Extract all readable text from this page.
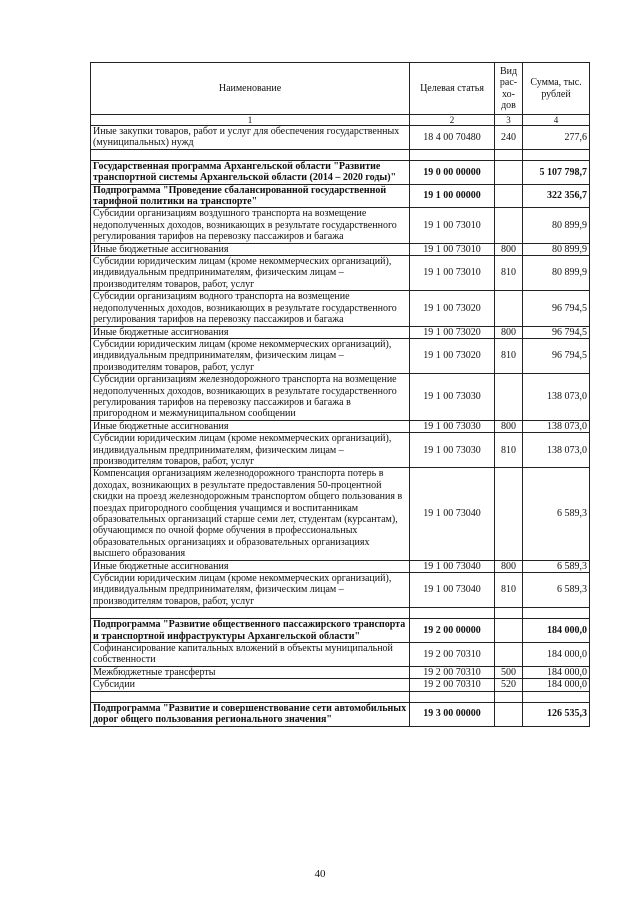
Наименование	Целевая статья	Вид рас- хо- дов	Сумма, тыс. рублей
1	2	3	4
Иные закупки товаров, работ и услуг для обеспечения государственных (муниципальных) нужд	18 4 00 70480	240	277,6

Государственная программа Архангельской области "Развитие транспортной системы Архангельской области (2014 – 2020 годы)"	19 0 00 00000		5 107 798,7
Подпрограмма "Проведение сбалансированной государственной тарифной политики на транспорте"	19 1 00 00000		322 356,7
Субсидии организациям воздушного транспорта на возмещение недополученных доходов, возникающих в результате государственного регулирования тарифов на перевозку пассажиров и багажа	19 1 00 73010		80 899,9
Иные бюджетные ассигнования	19 1 00 73010	800	80 899,9
Субсидии юридическим лицам (кроме некоммерческих организаций), индивидуальным предпринимателям, физическим лицам – производителям товаров, работ, услуг	19 1 00 73010	810	80 899,9
Субсидии организациям водного транспорта на возмещение недополученных доходов, возникающих в результате государственного регулирования тарифов на перевозку пассажиров и багажа	19 1 00 73020		96 794,5
Иные бюджетные ассигнования	19 1 00 73020	800	96 794,5
Субсидии юридическим лицам (кроме некоммерческих организаций), индивидуальным предпринимателям, физическим лицам – производителям товаров, работ, услуг	19 1 00 73020	810	96 794,5
Субсидии организациям железнодорожного транспорта на возмещение недополученных доходов, возникающих в результате государственного регулирования тарифов на перевозку пассажиров и багажа в пригородном и межмуниципальном сообщении	19 1 00 73030		138 073,0
Иные бюджетные ассигнования	19 1 00 73030	800	138 073,0
Субсидии юридическим лицам (кроме некоммерческих организаций), индивидуальным предпринимателям, физическим лицам – производителям товаров, работ, услуг	19 1 00 73030	810	138 073,0
Компенсация организациям железнодорожного транспорта потерь в доходах, возникающих в результате предоставления 50-процентной скидки на проезд железнодорожным транспортом общего пользования в поездах пригородного сообщения учащимся и воспитанникам образовательных организаций старше семи лет, студентам (курсантам), обучающимся по очной форме обучения в профессиональных образовательных организациях и образовательных организациях высшего образования	19 1 00 73040		6 589,3
Иные бюджетные ассигнования	19 1 00 73040	800	6 589,3
Субсидии юридическим лицам (кроме некоммерческих организаций), индивидуальным предпринимателям, физическим лицам – производителям товаров, работ, услуг	19 1 00 73040	810	6 589,3

Подпрограмма "Развитие общественного пассажирского транспорта и транспортной инфраструктуры Архангельской области"	19 2 00 00000		184 000,0
Софинансирование капитальных вложений в объекты муниципальной собственности	19 2 00 70310		184 000,0
Межбюджетные трансферты	19 2 00 70310	500	184 000,0
Субсидии	19 2 00 70310	520	184 000,0

Подпрограмма "Развитие и совершенствование сети автомобильных дорог общего пользования регионального значения"	19 3 00 00000		126 535,3
40
